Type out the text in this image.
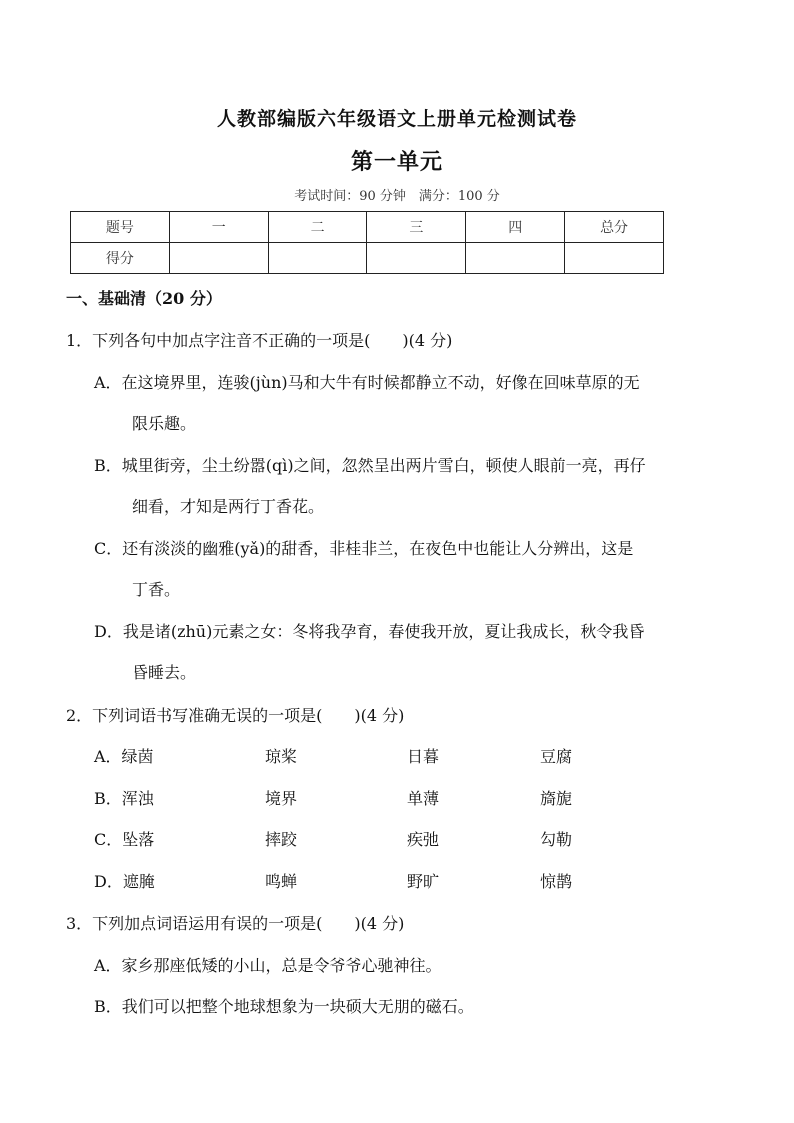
人教部编版六年级语文上册单元检测试卷
第一单元
考试时间：90 分钟　满分：100 分
题号	一	二	三	四	总分
得分					
一、基础清（20 分）
1．下列各句中加点字注音不正确的一项是(　　)(4 分)
A．在这境界里，连骏(jùn)马和大牛有时候都静立不动，好像在回味草原的无
限乐趣。
B．城里街旁，尘土纷嚣(qì)之间，忽然呈出两片雪白，顿使人眼前一亮，再仔
细看，才知是两行丁香花。
C．还有淡淡的幽雅(yǎ)的甜香，非桂非兰，在夜色中也能让人分辨出，这是
丁香。
D．我是诸(zhū)元素之女：冬将我孕育，春使我开放，夏让我成长，秋令我昏
昏睡去。
2．下列词语书写准确无误的一项是(　　)(4 分)
A．绿茵	琼桨	日暮	豆腐
B．浑浊	境界	单薄	旖旎
C．坠落	摔跤	疾弛	勾勒
D．遮腌	鸣蝉	野旷	惊鹊
3．下列加点词语运用有误的一项是(　　)(4 分)
A．家乡那座低矮的小山，总是令爷爷心驰神往。
B．我们可以把整个地球想象为一块硕大无朋的磁石。
